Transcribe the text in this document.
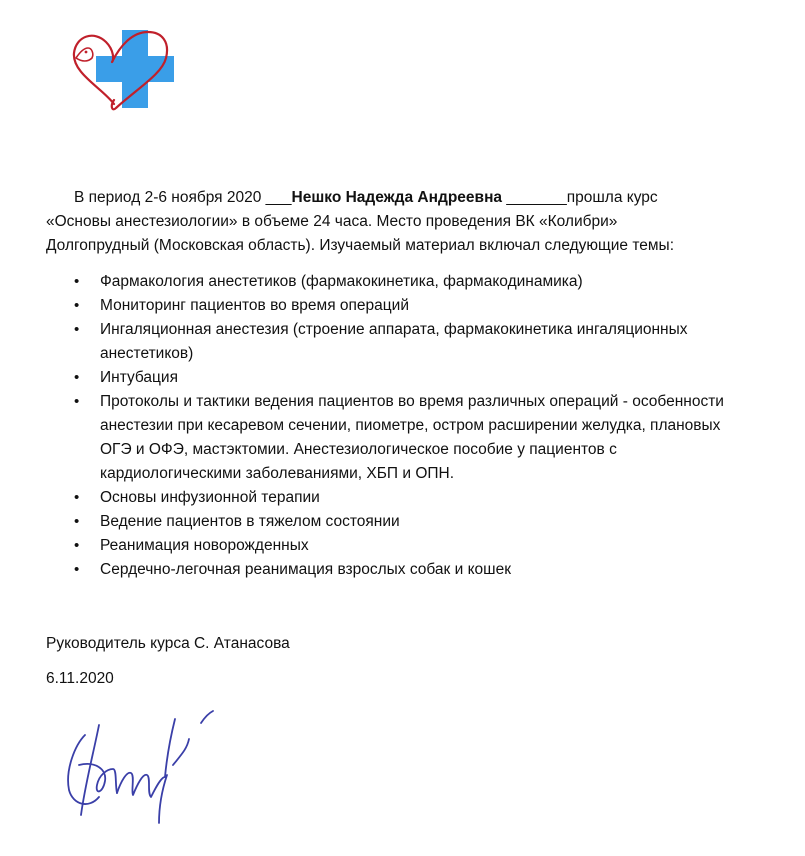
В период 2-6 ноября 2020 ___Нешко Надежда Андреевна _______прошла курс
«Основы анестезиологии» в объеме 24 часа. Место проведения ВК «Колибри»
Долгопрудный (Московская область). Изучаемый материал включал следующие темы:
•	Фармакология анестетиков (фармакокинетика, фармакодинамика)
•	Мониторинг пациентов во время операций
•	Ингаляционная анестезия (строение аппарата, фармакокинетика ингаляционных анестетиков)
•	Интубация
•	Протоколы и тактики ведения пациентов во время различных операций - особенности анестезии при кесаревом сечении, пиометре, остром расширении желудка, плановых ОГЭ и ОФЭ, мастэктомии. Анестезиологическое пособие у пациентов с кардиологическими заболеваниями, ХБП и ОПН.
•	Основы инфузионной терапии
•	Ведение пациентов в тяжелом состоянии
•	Реанимация новорожденных
•	Сердечно-легочная реанимация взрослых собак и кошек
Руководитель курса С. Атанасова
6.11.2020
